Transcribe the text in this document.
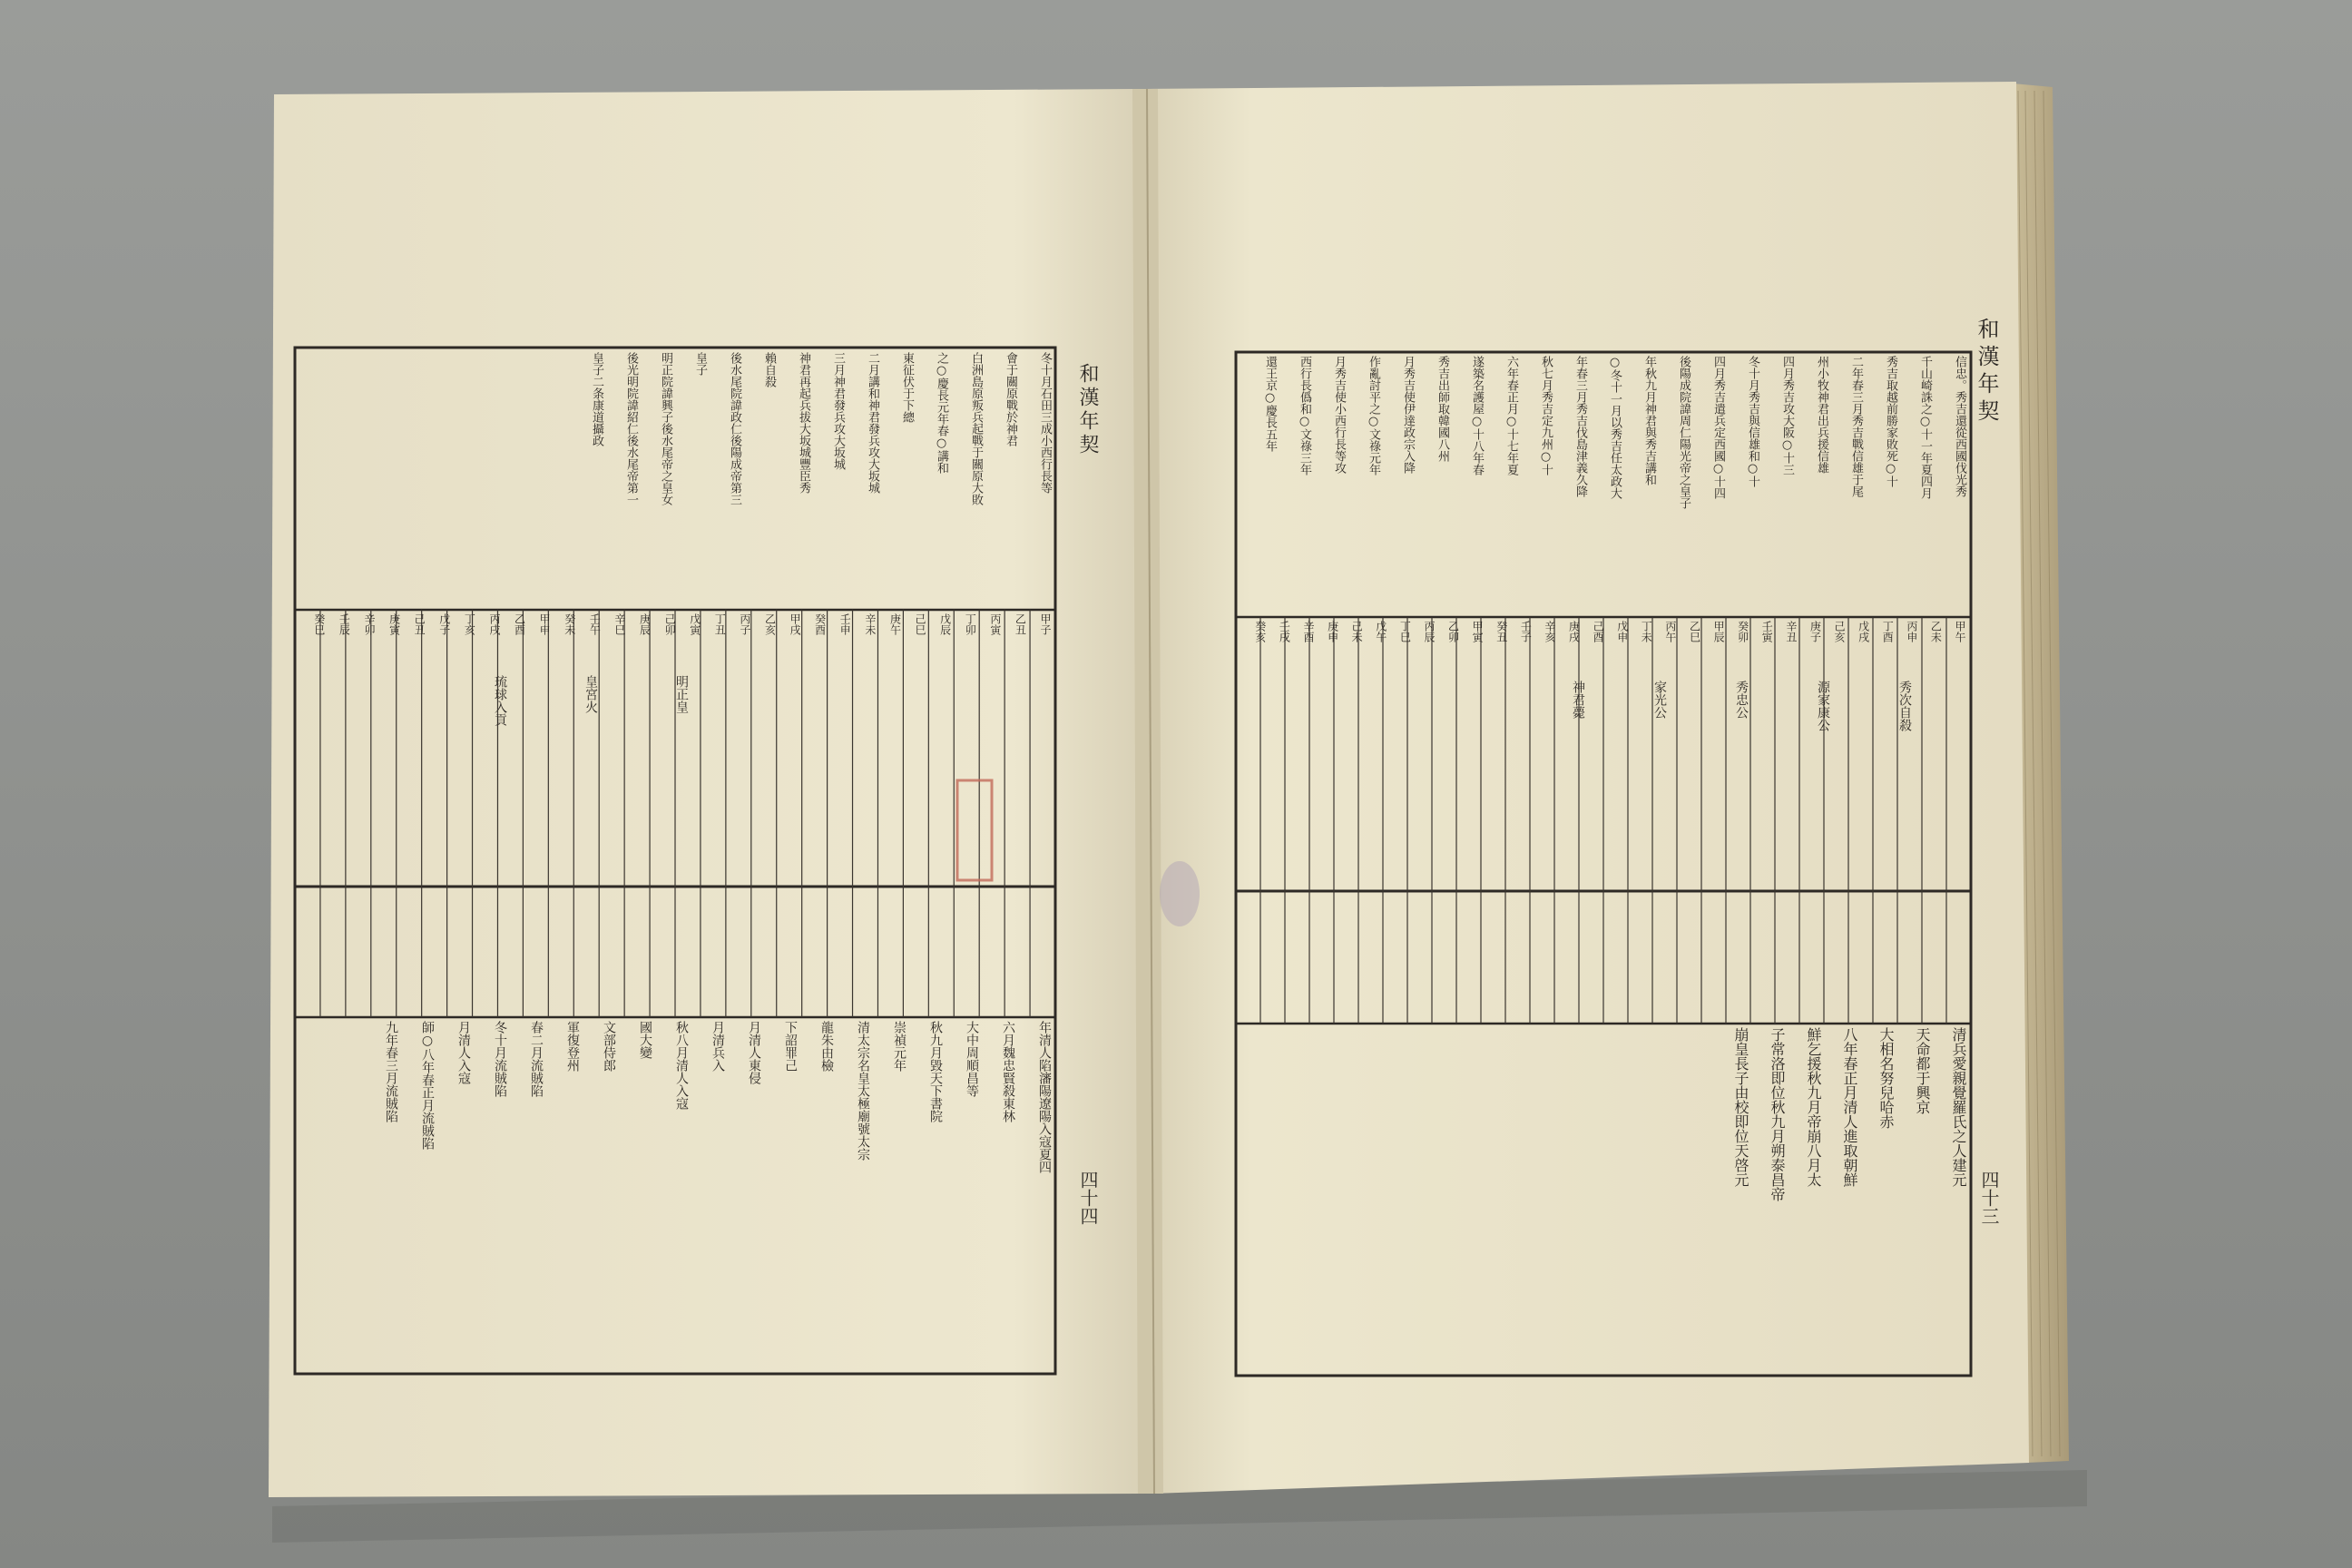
和漢年契	和漢年契
四十三
四十四
信忠。秀吉還從西國伐光秀
千山崎誅之○十一年夏四月
秀吉取越前勝家敗死○十
二年春三月秀吉戰信雄于尾
州小牧神君出兵援信雄
四月秀吉攻大阪○十三
冬十月秀吉與信雄和○十
四月秀吉遣兵定西國○十四
後陽成院諱周仁陽光帝之皇子
年秋九月神君與秀吉講和
○冬十一月以秀吉任太政大
年春三月秀吉伐島津義久降
秋七月秀吉定九州○十
六年春正月○十七年夏
遂築名護屋○十八年春
秀吉出師取韓國八州
月秀吉使伊達政宗入降
作亂討平之○文祿元年
月秀吉使小西行長等攻
西行長僞和○文祿三年
還王京○慶長五年
甲午
乙未
丙申
丁酉
戊戌
己亥
庚子
辛丑
壬寅
癸卯
甲辰
乙巳
丙午
丁未
戊申
己酉
庚戌
辛亥
壬子
癸丑
甲寅
乙卯
丙辰
丁巳
戊午
己未
庚申
辛酉
壬戌
癸亥
秀次自殺
源家康公
秀忠公
家光公
神君薨
清兵愛親覺羅氏之人建元
天命都于興京
大相名努兒哈赤
八年春正月清人進取朝鮮
鮮乞援秋九月帝崩八月太
子常洛即位秋九月朔泰昌帝
崩皇長子由校即位天啓元
冬十月石田三成小西行長等
會于關原戰於神君
白洲島原叛兵起戰于關原大敗
之○慶長元年春○講和
東征伏于下總
二月講和神君發兵攻大坂城
三月神君發兵攻大坂城
神君再起兵拔大坂城豐臣秀
賴自殺
後水尾院諱政仁後陽成帝第三
皇子
明正院諱興子後水尾帝之皇女
後光明院諱紹仁後水尾帝第一
皇子二条康道攝政
甲子
乙丑
丙寅
丁卯
戊辰
己巳
庚午
辛未
壬申
癸酉
甲戌
乙亥
丙子
丁丑
戊寅
己卯
庚辰
辛巳
壬午
癸未
甲申
乙酉
丙戌
丁亥
戊子
己丑
庚寅
辛卯
壬辰
癸巳
明正皇
皇宮火
琉球入貢
年清人陷瀋陽遼陽入寇夏四
六月魏忠賢殺東林
大中周順昌等
秋九月毀天下書院
崇禎元年
清太宗名皇太極廟號太宗
龍朱由檢
下詔罪己
月清人東侵
月清兵入
秋八月清人入寇
國大變
文部侍郎
軍復登州
春二月流賊陷
冬十月流賊陷
月清人入寇
師○八年春正月流賊陷
九年春三月流賊陷
